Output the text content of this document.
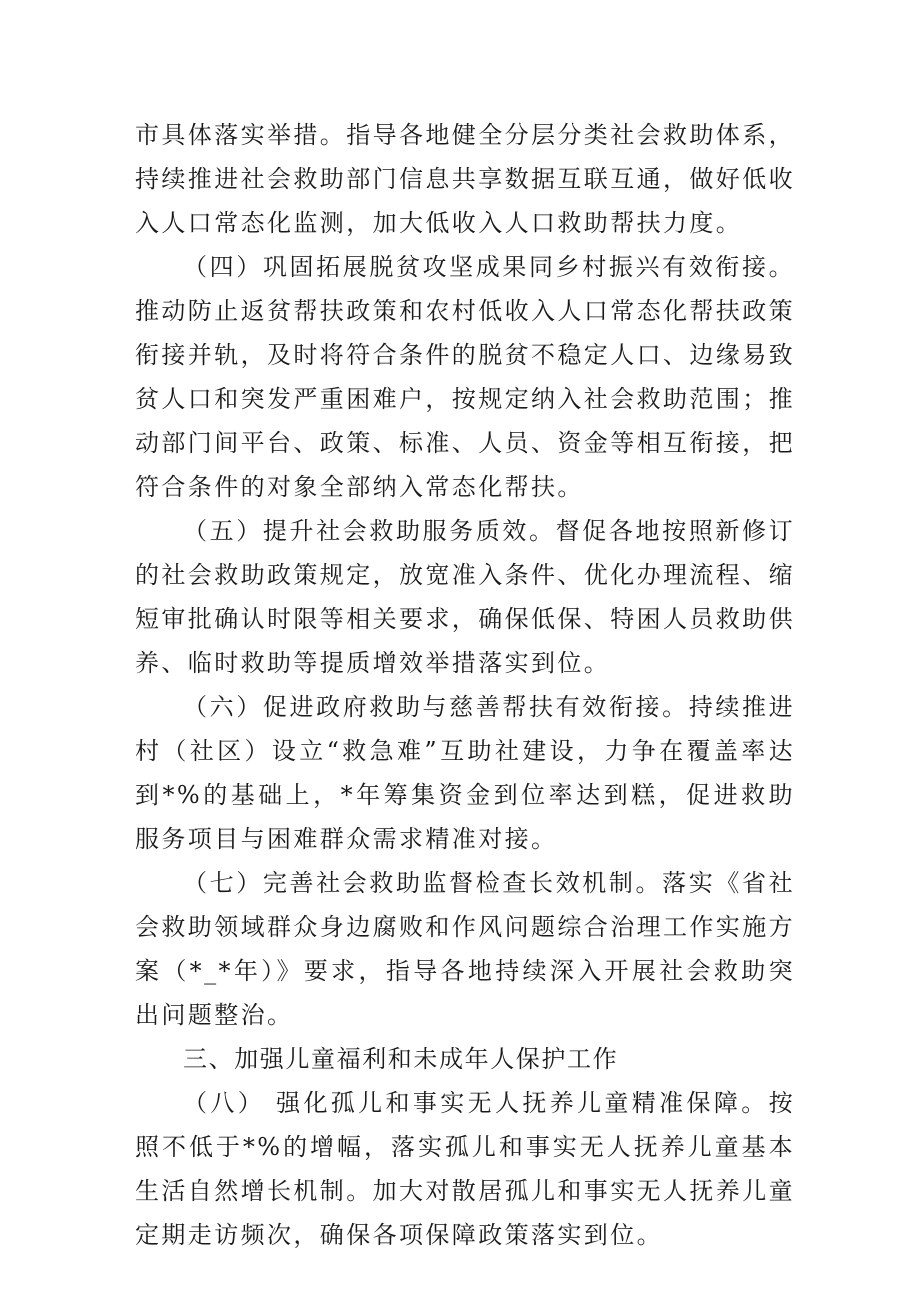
市具体落实举措。指导各地健全分层分类社会救助体系，持续推进社会救助部门信息共享数据互联互通，做好低收入人口常态化监测，加大低收入人口救助帮扶力度。

（四）巩固拓展脱贫攻坚成果同乡村振兴有效衔接。推动防止返贫帮扶政策和农村低收入人口常态化帮扶政策衔接并轨，及时将符合条件的脱贫不稳定人口、边缘易致贫人口和突发严重困难户，按规定纳入社会救助范围；推动部门间平台、政策、标准、人员、资金等相互衔接，把符合条件的对象全部纳入常态化帮扶。

（五）提升社会救助服务质效。督促各地按照新修订的社会救助政策规定，放宽准入条件、优化办理流程、缩短审批确认时限等相关要求，确保低保、特困人员救助供养、临时救助等提质增效举措落实到位。

（六）促进政府救助与慈善帮扶有效衔接。持续推进村（社区）设立“救急难”互助社建设，力争在覆盖率达到*%的基础上，*年筹集资金到位率达到糕，促进救助服务项目与困难群众需求精准对接。

（七）完善社会救助监督检查长效机制。落实《省社会救助领域群众身边腐败和作风问题综合治理工作实施方案（*_*年）》要求，指导各地持续深入开展社会救助突出问题整治。

三、加强儿童福利和未成年人保护工作

（八） 强化孤儿和事实无人抚养儿童精准保障。按照不低于*%的增幅，落实孤儿和事实无人抚养儿童基本生活自然增长机制。加大对散居孤儿和事实无人抚养儿童定期走访频次，确保各项保障政策落实到位。
